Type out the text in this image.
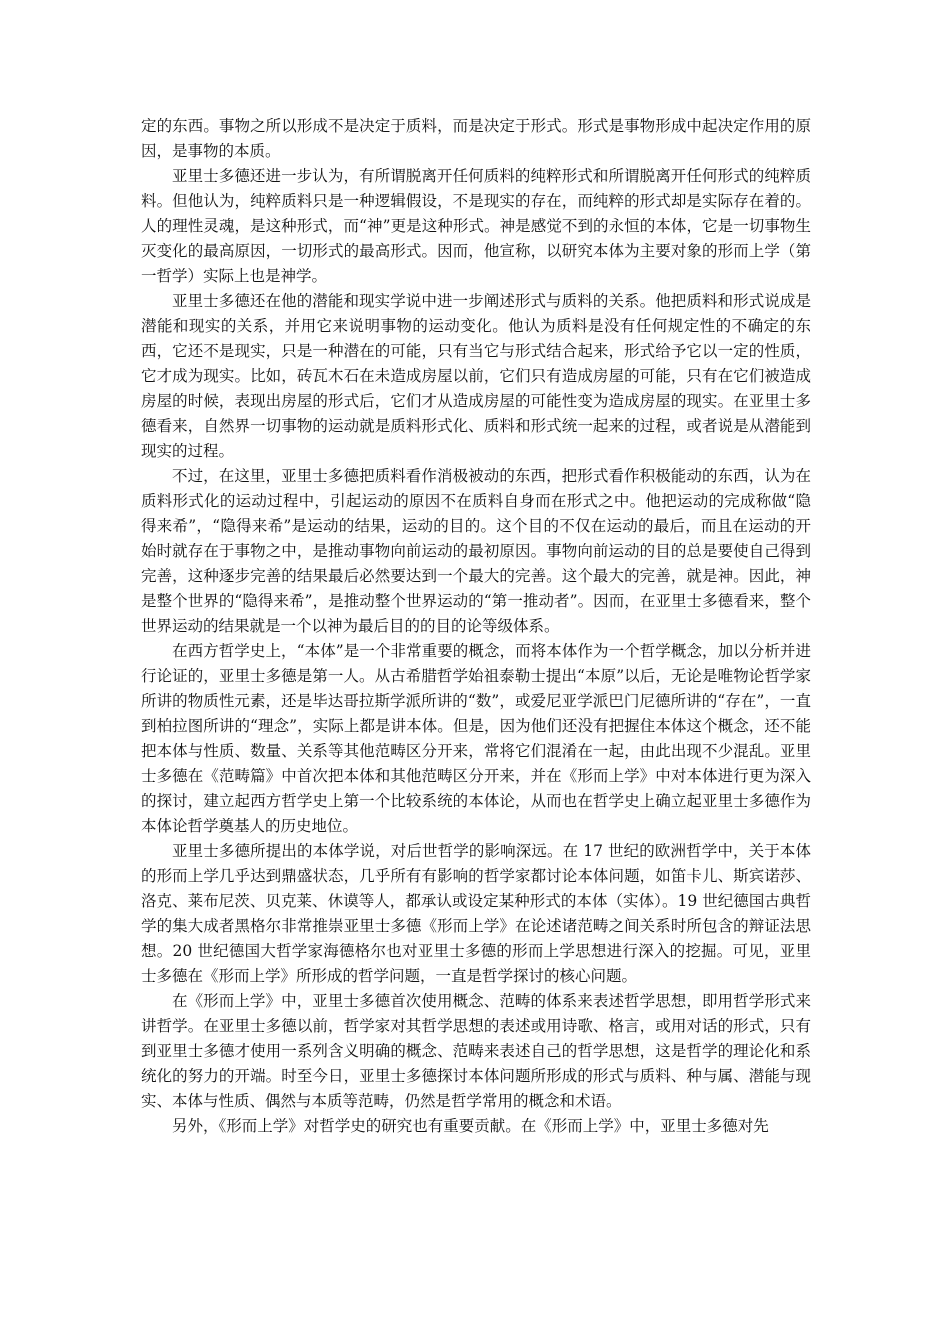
定的东西。事物之所以形成不是决定于质料，而是决定于形式。形式是事物形成中起决定作用的原因，是事物的本质。

亚里士多德还进一步认为，有所谓脱离开任何质料的纯粹形式和所谓脱离开任何形式的纯粹质料。但他认为，纯粹质料只是一种逻辑假设，不是现实的存在，而纯粹的形式却是实际存在着的。人的理性灵魂，是这种形式，而“神”更是这种形式。神是感觉不到的永恒的本体，它是一切事物生灭变化的最高原因，一切形式的最高形式。因而，他宣称，以研究本体为主要对象的形而上学（第一哲学）实际上也是神学。

亚里士多德还在他的潜能和现实学说中进一步阐述形式与质料的关系。他把质料和形式说成是潜能和现实的关系，并用它来说明事物的运动变化。他认为质料是没有任何规定性的不确定的东西，它还不是现实，只是一种潜在的可能，只有当它与形式结合起来，形式给予它以一定的性质，它才成为现实。比如，砖瓦木石在未造成房屋以前，它们只有造成房屋的可能，只有在它们被造成房屋的时候，表现出房屋的形式后，它们才从造成房屋的可能性变为造成房屋的现实。在亚里士多德看来，自然界一切事物的运动就是质料形式化、质料和形式统一起来的过程，或者说是从潜能到现实的过程。

不过，在这里，亚里士多德把质料看作消极被动的东西，把形式看作积极能动的东西，认为在质料形式化的运动过程中，引起运动的原因不在质料自身而在形式之中。他把运动的完成称做“隐得来希”，“隐得来希”是运动的结果，运动的目的。这个目的不仅在运动的最后，而且在运动的开始时就存在于事物之中，是推动事物向前运动的最初原因。事物向前运动的目的总是要使自己得到完善，这种逐步完善的结果最后必然要达到一个最大的完善。这个最大的完善，就是神。因此，神是整个世界的“隐得来希”，是推动整个世界运动的“第一推动者”。因而，在亚里士多德看来，整个世界运动的结果就是一个以神为最后目的的目的论等级体系。

在西方哲学史上，“本体”是一个非常重要的概念，而将本体作为一个哲学概念，加以分析并进行论证的，亚里士多德是第一人。从古希腊哲学始祖泰勒士提出“本原”以后，无论是唯物论哲学家所讲的物质性元素，还是毕达哥拉斯学派所讲的“数”，或爱尼亚学派巴门尼德所讲的“存在”，一直到柏拉图所讲的“理念”，实际上都是讲本体。但是，因为他们还没有把握住本体这个概念，还不能把本体与性质、数量、关系等其他范畴区分开来，常将它们混淆在一起，由此出现不少混乱。亚里士多德在《范畴篇》中首次把本体和其他范畴区分开来，并在《形而上学》中对本体进行更为深入的探讨，建立起西方哲学史上第一个比较系统的本体论，从而也在哲学史上确立起亚里士多德作为本体论哲学奠基人的历史地位。

亚里士多德所提出的本体学说，对后世哲学的影响深远。在 17 世纪的欧洲哲学中，关于本体的形而上学几乎达到鼎盛状态，几乎所有有影响的哲学家都讨论本体问题，如笛卡儿、斯宾诺莎、洛克、莱布尼茨、贝克莱、休谟等人，都承认或设定某种形式的本体（实体）。19 世纪德国古典哲学的集大成者黑格尔非常推崇亚里士多德《形而上学》在论述诸范畴之间关系时所包含的辩证法思想。20 世纪德国大哲学家海德格尔也对亚里士多德的形而上学思想进行深入的挖掘。可见，亚里士多德在《形而上学》所形成的哲学问题，一直是哲学探讨的核心问题。

在《形而上学》中，亚里士多德首次使用概念、范畴的体系来表述哲学思想，即用哲学形式来讲哲学。在亚里士多德以前，哲学家对其哲学思想的表述或用诗歌、格言，或用对话的形式，只有到亚里士多德才使用一系列含义明确的概念、范畴来表述自己的哲学思想，这是哲学的理论化和系统化的努力的开端。时至今日，亚里士多德探讨本体问题所形成的形式与质料、种与属、潜能与现实、本体与性质、偶然与本质等范畴，仍然是哲学常用的概念和术语。

另外，《形而上学》对哲学史的研究也有重要贡献。在《形而上学》中，亚里士多德对先
